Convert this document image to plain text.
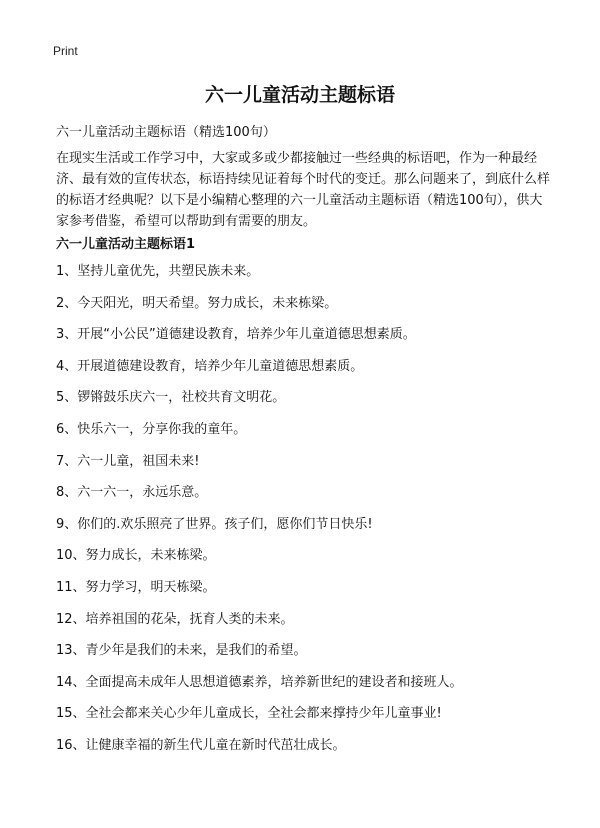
Print
六一儿童活动主题标语

六一儿童活动主题标语（精选100句）

在现实生活或工作学习中，大家或多或少都接触过一些经典的标语吧，作为一种最经济、最有效的宣传状态，标语持续见证着每个时代的变迁。那么问题来了，到底什么样的标语才经典呢？以下是小编精心整理的六一儿童活动主题标语（精选100句），供大家参考借鉴，希望可以帮助到有需要的朋友。

六一儿童活动主题标语1
1、坚持儿童优先，共塑民族未来。
2、今天阳光，明天希望。努力成长，未来栋梁。
3、开展“小公民”道德建设教育，培养少年儿童道德思想素质。
4、开展道德建设教育，培养少年儿童道德思想素质。
5、锣锵鼓乐庆六一，社校共育文明花。
6、快乐六一，分享你我的童年。
7、六一儿童，祖国未来!
8、六一六一，永远乐意。
9、你们的.欢乐照亮了世界。孩子们，愿你们节日快乐!
10、努力成长，未来栋梁。
11、努力学习，明天栋梁。
12、培养祖国的花朵，抚育人类的未来。
13、青少年是我们的未来，是我们的希望。
14、全面提高未成年人思想道德素养，培养新世纪的建设者和接班人。
15、全社会都来关心少年儿童成长，全社会都来撑持少年儿童事业!
16、让健康幸福的新生代儿童在新时代茁壮成长。
